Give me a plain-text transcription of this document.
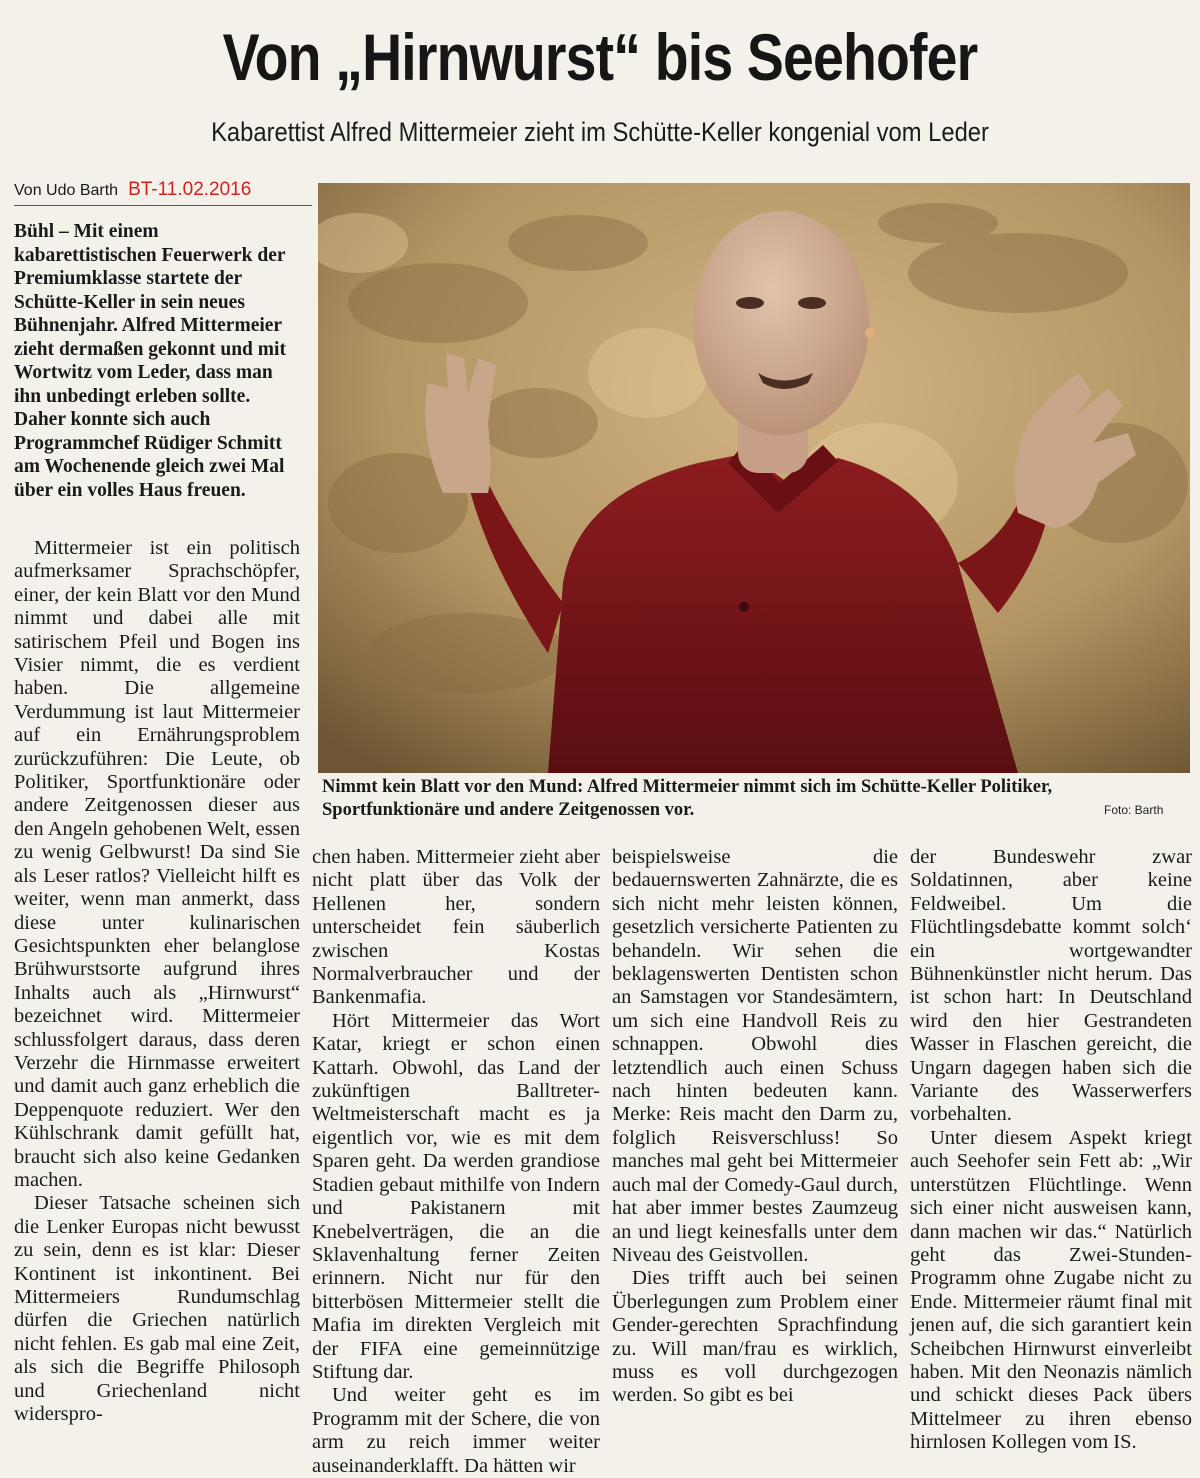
Von „Hirnwurst“ bis Seehofer
Kabarettist Alfred Mittermeier zieht im Schütte-Keller kongenial vom Leder
Von Udo Barth BT-11.02.2016
Bühl – Mit einem kabarettistischen Feuerwerk der Premiumklasse startete der Schütte-Keller in sein neues Bühnenjahr. Alfred Mittermeier zieht dermaßen gekonnt und mit Wortwitz vom Leder, dass man ihn unbedingt erleben sollte. Daher konnte sich auch Programmchef Rüdiger Schmitt am Wochenende gleich zwei Mal über ein volles Haus freuen.
Nimmt kein Blatt vor den Mund: Alfred Mittermeier nimmt sich im Schütte-Keller Politiker, Sportfunktionäre und andere Zeitgenossen vor.	Foto: Barth

Mittermeier ist ein politisch aufmerksamer Sprachschöpfer, einer, der kein Blatt vor den Mund nimmt und dabei alle mit satirischem Pfeil und Bogen ins Visier nimmt, die es verdient haben. Die allgemeine Verdummung ist laut Mittermeier auf ein Ernährungsproblem zurückzuführen: Die Leute, ob Politiker, Sportfunktionäre oder andere Zeitgenossen dieser aus den Angeln gehobenen Welt, essen zu wenig Gelbwurst! Da sind Sie als Leser ratlos? Vielleicht hilft es weiter, wenn man anmerkt, dass diese unter kulinarischen Gesichtspunkten eher belanglose Brühwurstsorte aufgrund ihres Inhalts auch als „Hirnwurst“ bezeichnet wird. Mittermeier schlussfolgert daraus, dass deren Verzehr die Hirnmasse erweitert und damit auch ganz erheblich die Deppenquote reduziert. Wer den Kühlschrank damit gefüllt hat, braucht sich also keine Gedanken machen.

Dieser Tatsache scheinen sich die Lenker Europas nicht bewusst zu sein, denn es ist klar: Dieser Kontinent ist inkontinent. Bei Mittermeiers Rundumschlag dürfen die Griechen natürlich nicht fehlen. Es gab mal eine Zeit, als sich die Begriffe Philosoph und Griechenland nicht widerspro-

chen haben. Mittermeier zieht aber nicht platt über das Volk der Hellenen her, sondern unterscheidet fein säuberlich zwischen Kostas Normalverbraucher und der Bankenmafia.

Hört Mittermeier das Wort Katar, kriegt er schon einen Kattarh. Obwohl, das Land der zukünftigen Balltreter-Weltmeisterschaft macht es ja eigentlich vor, wie es mit dem Sparen geht. Da werden grandiose Stadien gebaut mithilfe von Indern und Pakistanern mit Knebelverträgen, die an die Sklavenhaltung ferner Zeiten erinnern. Nicht nur für den bitterbösen Mittermeier stellt die Mafia im direkten Vergleich mit der FIFA eine gemeinnützige Stiftung dar.

Und weiter geht es im Programm mit der Schere, die von arm zu reich immer weiter auseinanderklafft. Da hätten wir

beispielsweise die bedauernswerten Zahnärzte, die es sich nicht mehr leisten können, gesetzlich versicherte Patienten zu behandeln. Wir sehen die beklagenswerten Dentisten schon an Samstagen vor Standesämtern, um sich eine Handvoll Reis zu schnappen. Obwohl dies letztendlich auch einen Schuss nach hinten bedeuten kann. Merke: Reis macht den Darm zu, folglich Reisverschluss! So manches mal geht bei Mittermeier auch mal der Comedy-Gaul durch, hat aber immer bestes Zaumzeug an und liegt keinesfalls unter dem Niveau des Geistvollen.

Dies trifft auch bei seinen Überlegungen zum Problem einer Gender-gerechten Sprachfindung zu. Will man/frau es wirklich, muss es voll durchgezogen werden. So gibt es bei

der Bundeswehr zwar Soldatinnen, aber keine Feldweibel. Um die Flüchtlingsdebatte kommt solch‘ ein wortgewandter Bühnenkünstler nicht herum. Das ist schon hart: In Deutschland wird den hier Gestrandeten Wasser in Flaschen gereicht, die Ungarn dagegen haben sich die Variante des Wasserwerfers vorbehalten.

Unter diesem Aspekt kriegt auch Seehofer sein Fett ab: „Wir unterstützen Flüchtlinge. Wenn sich einer nicht ausweisen kann, dann machen wir das.“ Natürlich geht das Zwei-Stunden-Programm ohne Zugabe nicht zu Ende. Mittermeier räumt final mit jenen auf, die sich garantiert kein Scheibchen Hirnwurst einverleibt haben. Mit den Neonazis nämlich und schickt dieses Pack übers Mittelmeer zu ihren ebenso hirnlosen Kollegen vom IS.
